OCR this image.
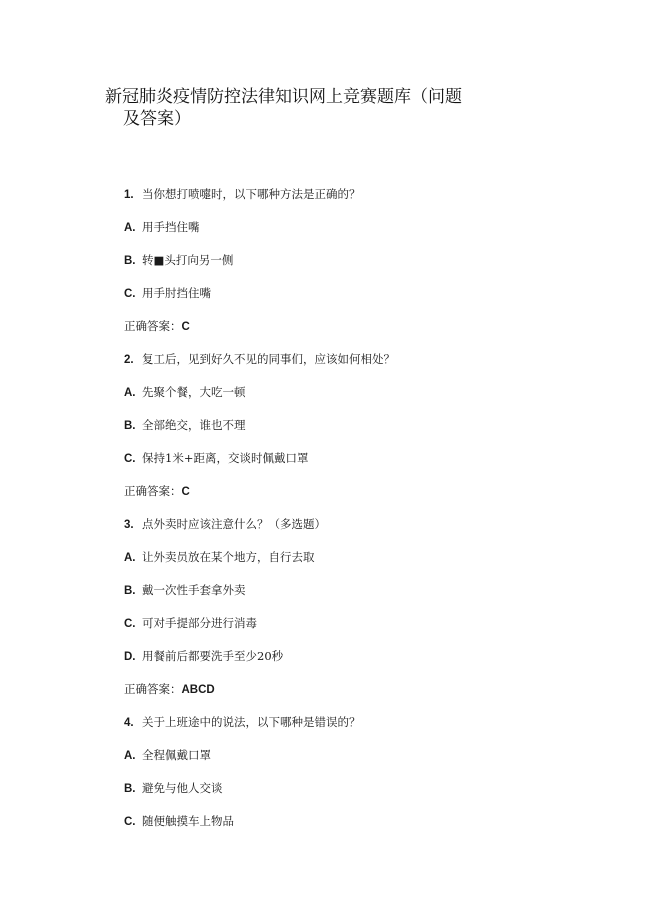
新冠肺炎疫情防控法律知识网上竞赛题库（问题
及答案）
1. 当你想打喷嚏时，以下哪种方法是正确的？
A. 用手挡住嘴
B. 转■头打向另一侧
C. 用手肘挡住嘴
正确答案：C
2. 复工后，见到好久不见的同事们，应该如何相处？
A. 先聚个餐，大吃一顿
B. 全部绝交，谁也不理
C. 保持1米+距离，交谈时佩戴口罩
正确答案：C
3. 点外卖时应该注意什么？（多选题）
A. 让外卖员放在某个地方，自行去取
B. 戴一次性手套拿外卖
C. 可对手提部分进行消毒
D. 用餐前后都要洗手至少20秒
正确答案：ABCD
4. 关于上班途中的说法，以下哪种是错误的？
A. 全程佩戴口罩
B. 避免与他人交谈
C. 随便触摸车上物品
